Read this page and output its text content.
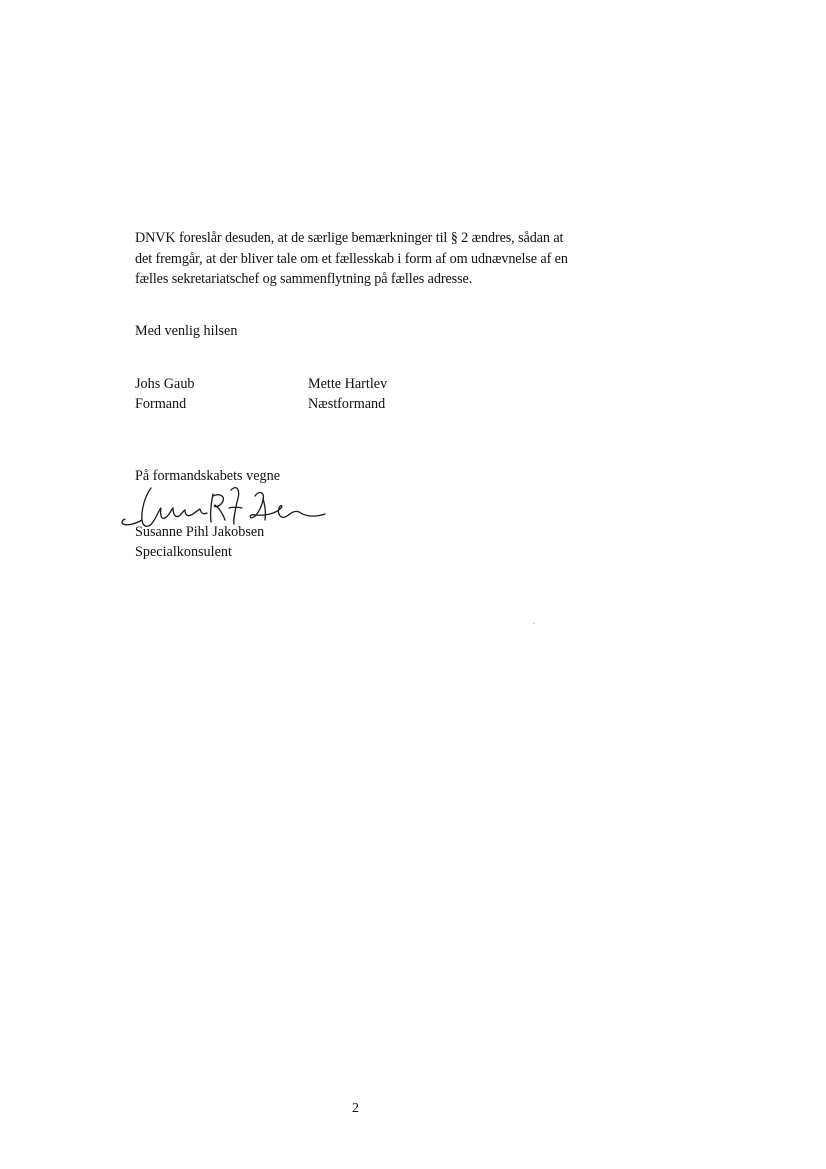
DNVK foreslår desuden, at de særlige bemærkninger til § 2 ændres, sådan at
det fremgår, at der bliver tale om et fællesskab i form af om udnævnelse af en
fælles sekretariatschef og sammenflytning på fælles adresse.
Med venlig hilsen
Johs Gaub
Formand
Mette Hartlev
Næstformand
På formandskabets vegne
Susanne Pihl Jakobsen
Specialkonsulent
2
